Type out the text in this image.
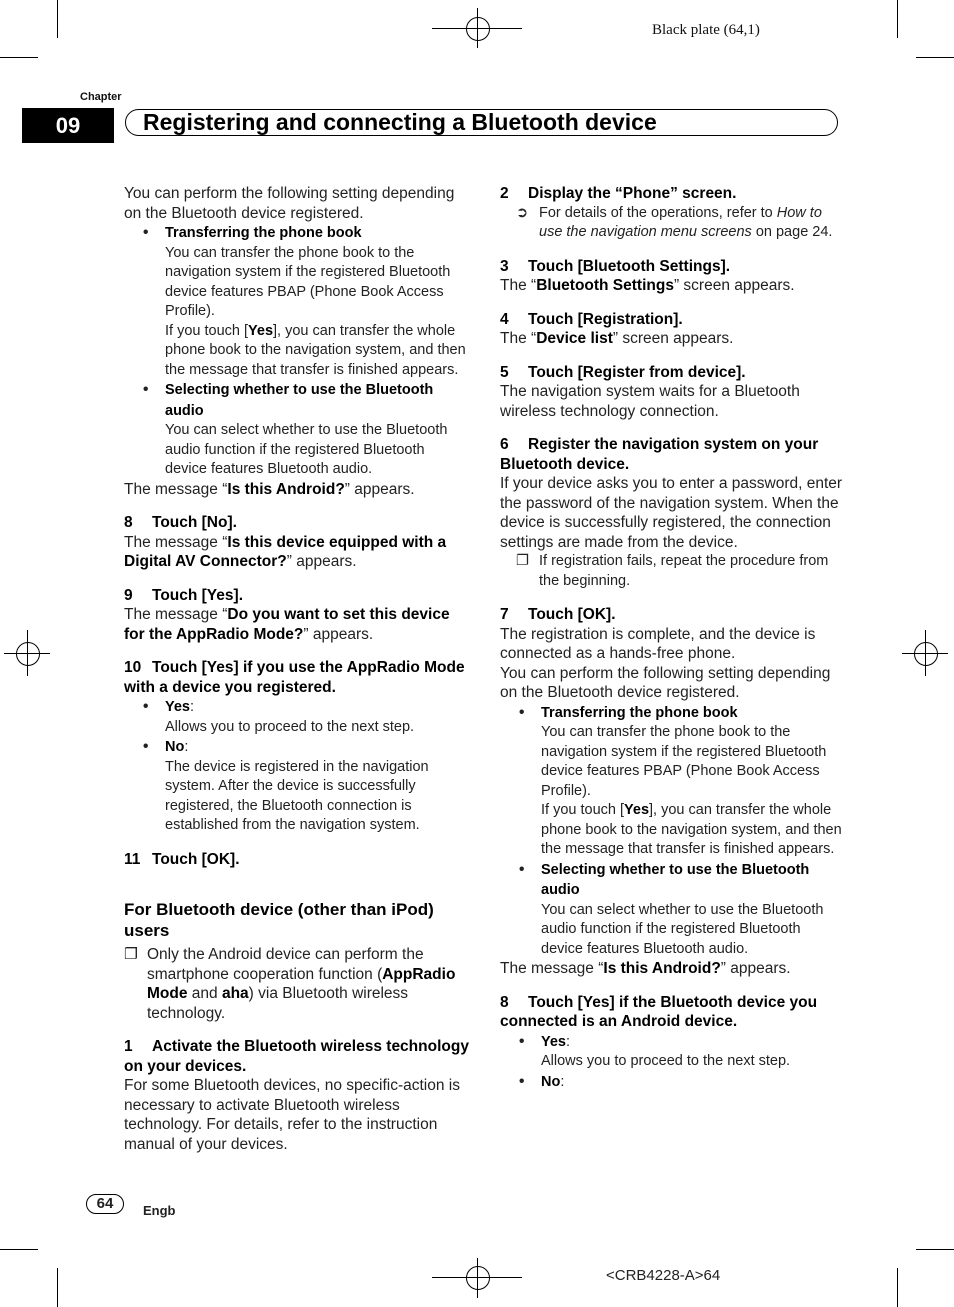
Black plate (64,1)
Chapter
09	Registering and connecting a Bluetooth device

You can perform the following setting depending on the Bluetooth device registered.

• Transferring the phone book

You can transfer the phone book to the navigation system if the registered Bluetooth device features PBAP (Phone Book Access Profile).

If you touch [Yes], you can transfer the whole phone book to the navigation system, and then the message that transfer is finished appears.

• Selecting whether to use the Bluetooth audio

You can select whether to use the Bluetooth audio function if the registered Bluetooth device features Bluetooth audio.

The message “Is this Android?” appears.

8 Touch [No].

The message “Is this device equipped with a Digital AV Connector?” appears.

9 Touch [Yes].

The message “Do you want to set this device for the AppRadio Mode?” appears.

10 Touch [Yes] if you use the AppRadio Mode with a device you registered.

• Yes:

Allows you to proceed to the next step.

• No:

The device is registered in the navigation system. After the device is successfully registered, the Bluetooth connection is established from the navigation system.

11 Touch [OK].

For Bluetooth device (other than iPod) users

❐ Only the Android device can perform the smartphone cooperation function (AppRadio Mode and aha) via Bluetooth wireless technology.

1 Activate the Bluetooth wireless technology on your devices.

For some Bluetooth devices, no specific-action is necessary to activate Bluetooth wireless technology. For details, refer to the instruction manual of your devices.

2 Display the “Phone” screen.

➲ For details of the operations, refer to How to use the navigation menu screens on page 24.

3 Touch [Bluetooth Settings].

The “Bluetooth Settings” screen appears.

4 Touch [Registration].

The “Device list” screen appears.

5 Touch [Register from device].

The navigation system waits for a Bluetooth wireless technology connection.

6 Register the navigation system on your Bluetooth device.

If your device asks you to enter a password, enter the password of the navigation system. When the device is successfully registered, the connection settings are made from the device.

❐ If registration fails, repeat the procedure from the beginning.

7 Touch [OK].

The registration is complete, and the device is connected as a hands-free phone.

You can perform the following setting depending on the Bluetooth device registered.

• Transferring the phone book

You can transfer the phone book to the navigation system if the registered Bluetooth device features PBAP (Phone Book Access Profile).

If you touch [Yes], you can transfer the whole phone book to the navigation system, and then the message that transfer is finished appears.

• Selecting whether to use the Bluetooth audio

You can select whether to use the Bluetooth audio function if the registered Bluetooth device features Bluetooth audio.

The message “Is this Android?” appears.

8 Touch [Yes] if the Bluetooth device you connected is an Android device.

• Yes:

Allows you to proceed to the next step.

• No:
64	Engb
<CRB4228-A>64
